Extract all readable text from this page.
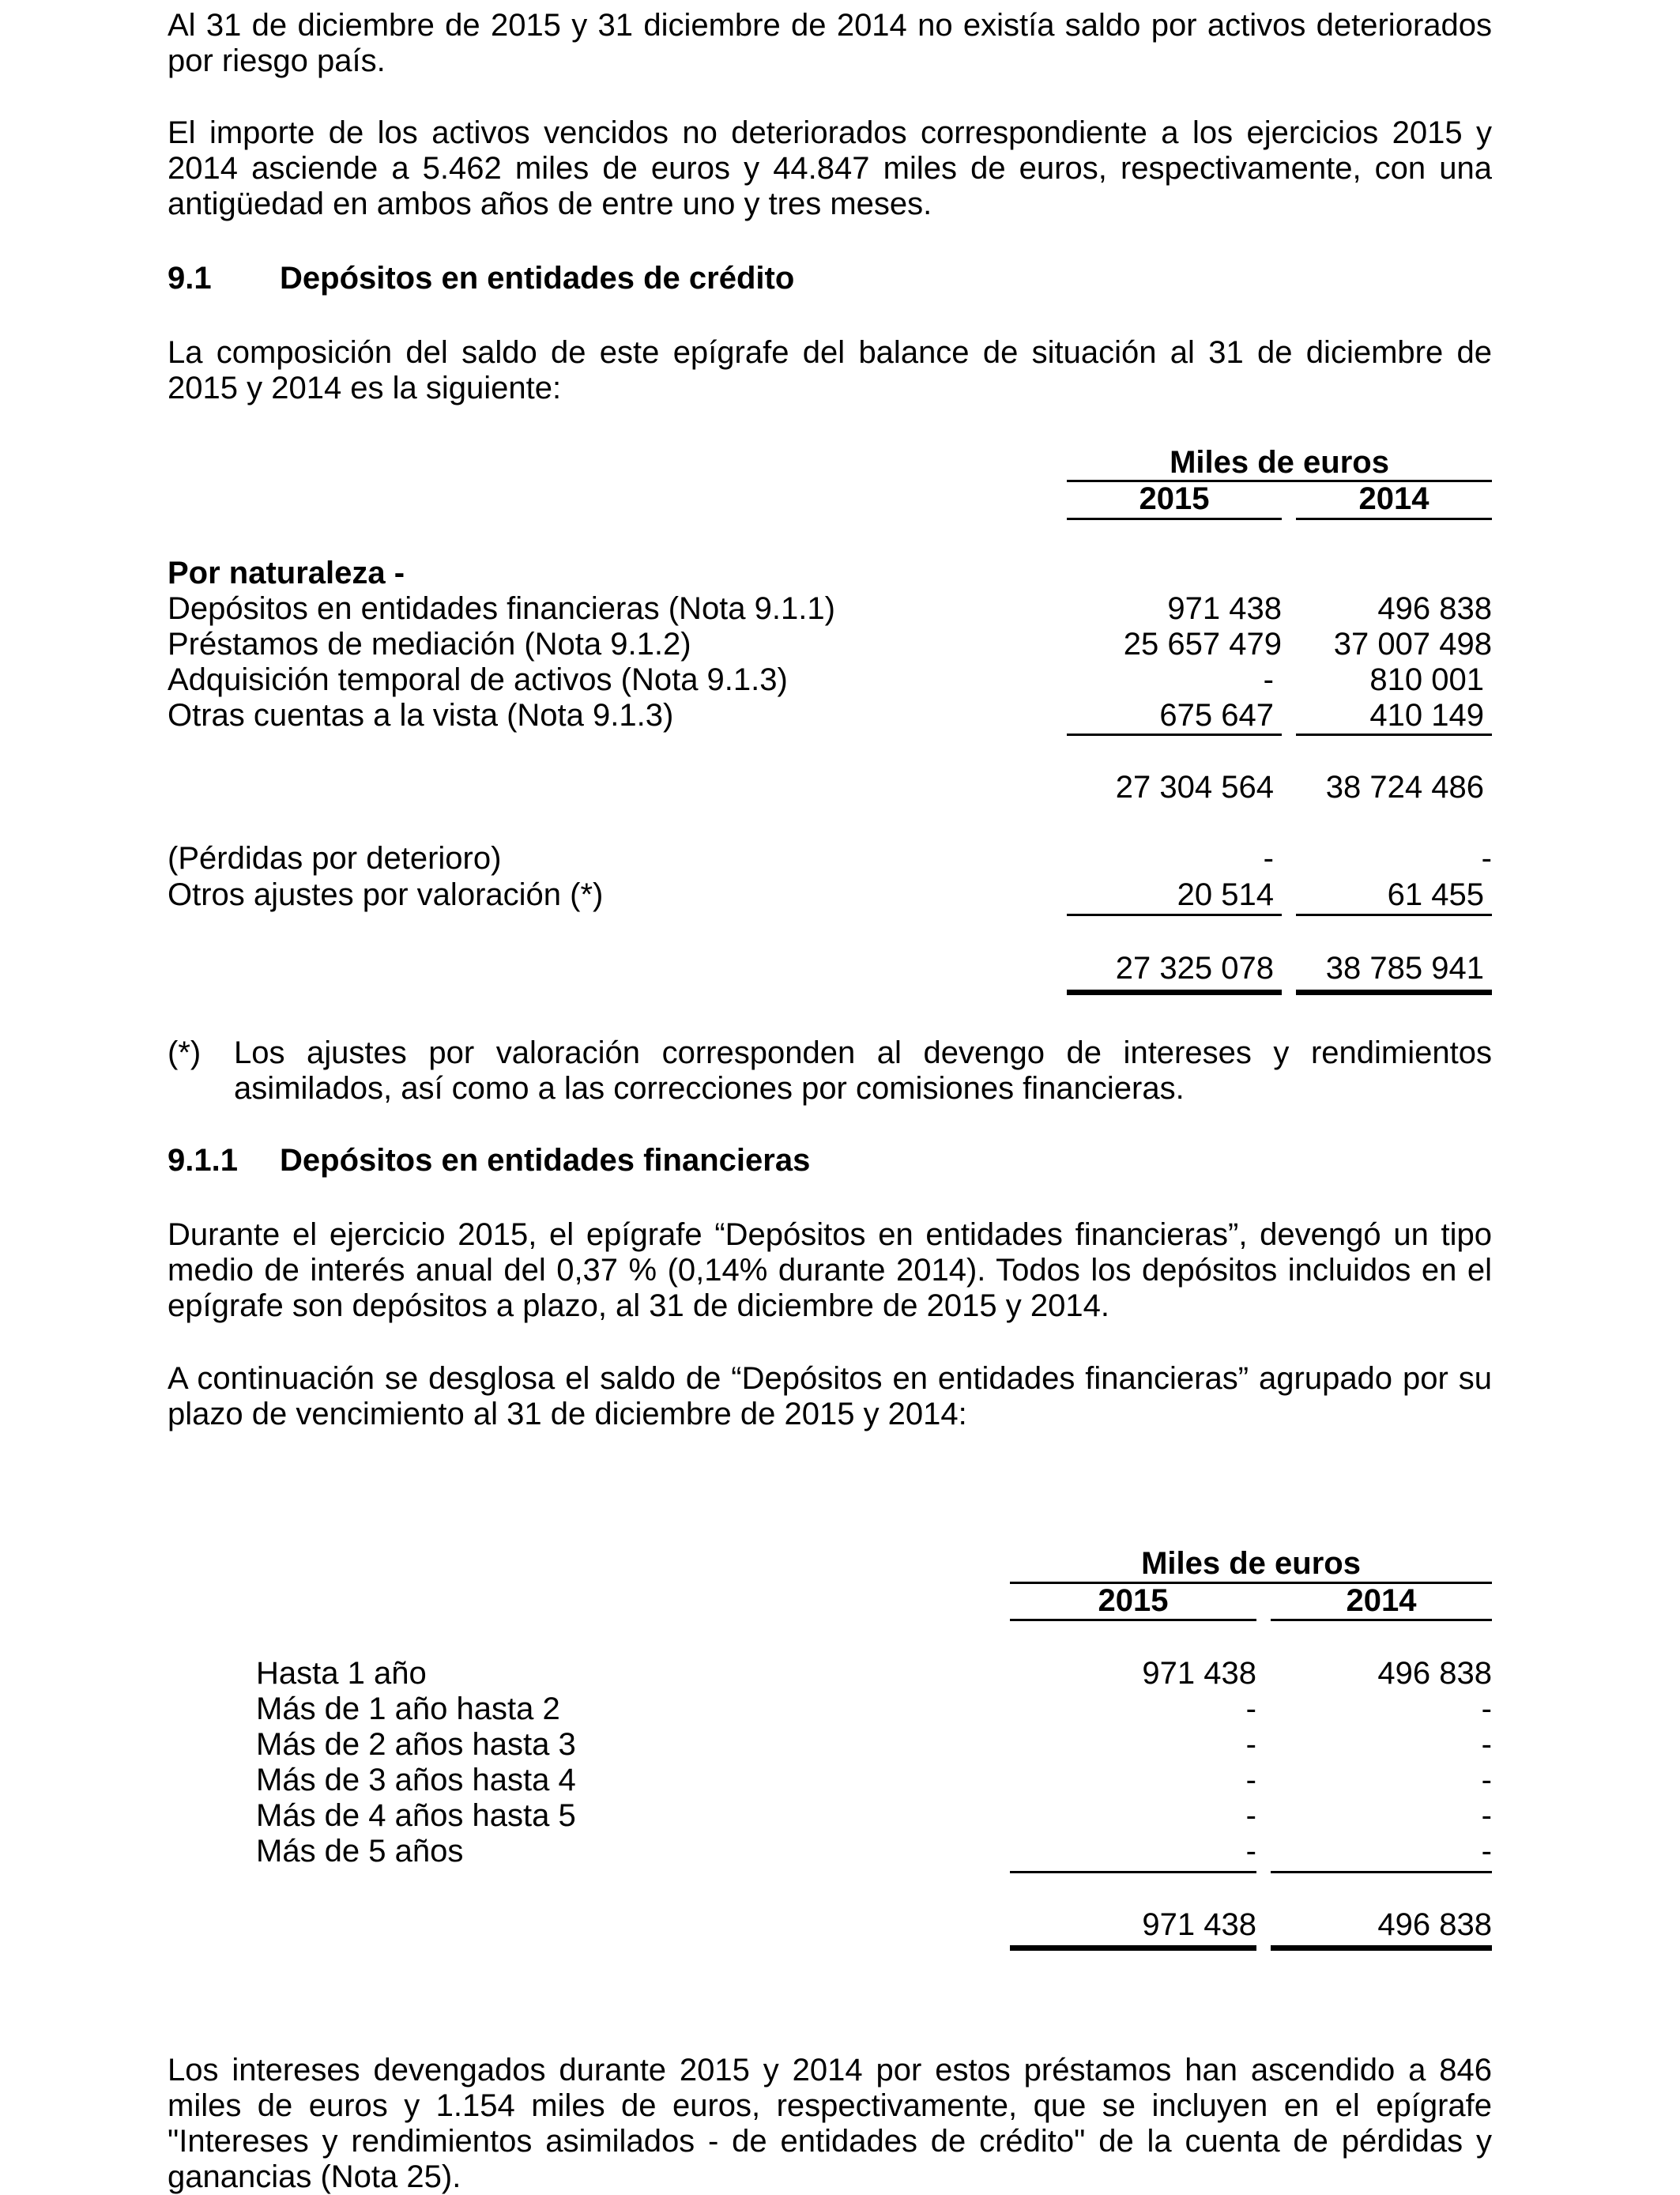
Al 31 de diciembre de 2015 y 31 diciembre de 2014 no existía saldo por activos deteriorados por riesgo país.

El importe de los activos vencidos no deteriorados correspondiente a los ejercicios 2015 y 2014 asciende a 5.462 miles de euros y 44.847 miles de euros, respectivamente, con una antigüedad en ambos años de entre uno y tres meses.

9.1 Depósitos en entidades de crédito

La composición del saldo de este epígrafe del balance de situación al 31 de diciembre de 2015 y 2014 es la siguiente:

Miles de euros
2015	2014
Por naturaleza -
Depósitos en entidades financieras (Nota 9.1.1)	971 438	496 838
Préstamos de mediación (Nota 9.1.2)	25 657 479	37 007 498
Adquisición temporal de activos (Nota 9.1.3)	-	810 001
Otras cuentas a la vista (Nota 9.1.3)	675 647	410 149
27 304 564	38 724 486
(Pérdidas por deterioro)	-	-
Otros ajustes por valoración (*)	20 514	61 455
27 325 078	38 785 941
(*) Los ajustes por valoración corresponden al devengo de intereses y rendimientos asimilados, así como a las correcciones por comisiones financieras.

9.1.1 Depósitos en entidades financieras

Durante el ejercicio 2015, el epígrafe “Depósitos en entidades financieras”, devengó un tipo medio de interés anual del 0,37 % (0,14% durante 2014). Todos los depósitos incluidos en el epígrafe son depósitos a plazo, al 31 de diciembre de 2015 y 2014.

A continuación se desglosa el saldo de “Depósitos en entidades financieras” agrupado por su plazo de vencimiento al 31 de diciembre de 2015 y 2014:

Miles de euros
2015	2014
Hasta 1 año	971 438	496 838
Más de 1 año hasta 2	-	-
Más de 2 años hasta 3	-	-
Más de 3 años hasta 4	-	-
Más de 4 años hasta 5	-	-
Más de 5 años	-	-
971 438	496 838

Los intereses devengados durante 2015 y 2014 por estos préstamos han ascendido a 846 miles de euros y 1.154 miles de euros, respectivamente, que se incluyen en el epígrafe "Intereses y rendimientos asimilados - de entidades de crédito" de la cuenta de pérdidas y ganancias (Nota 25).
